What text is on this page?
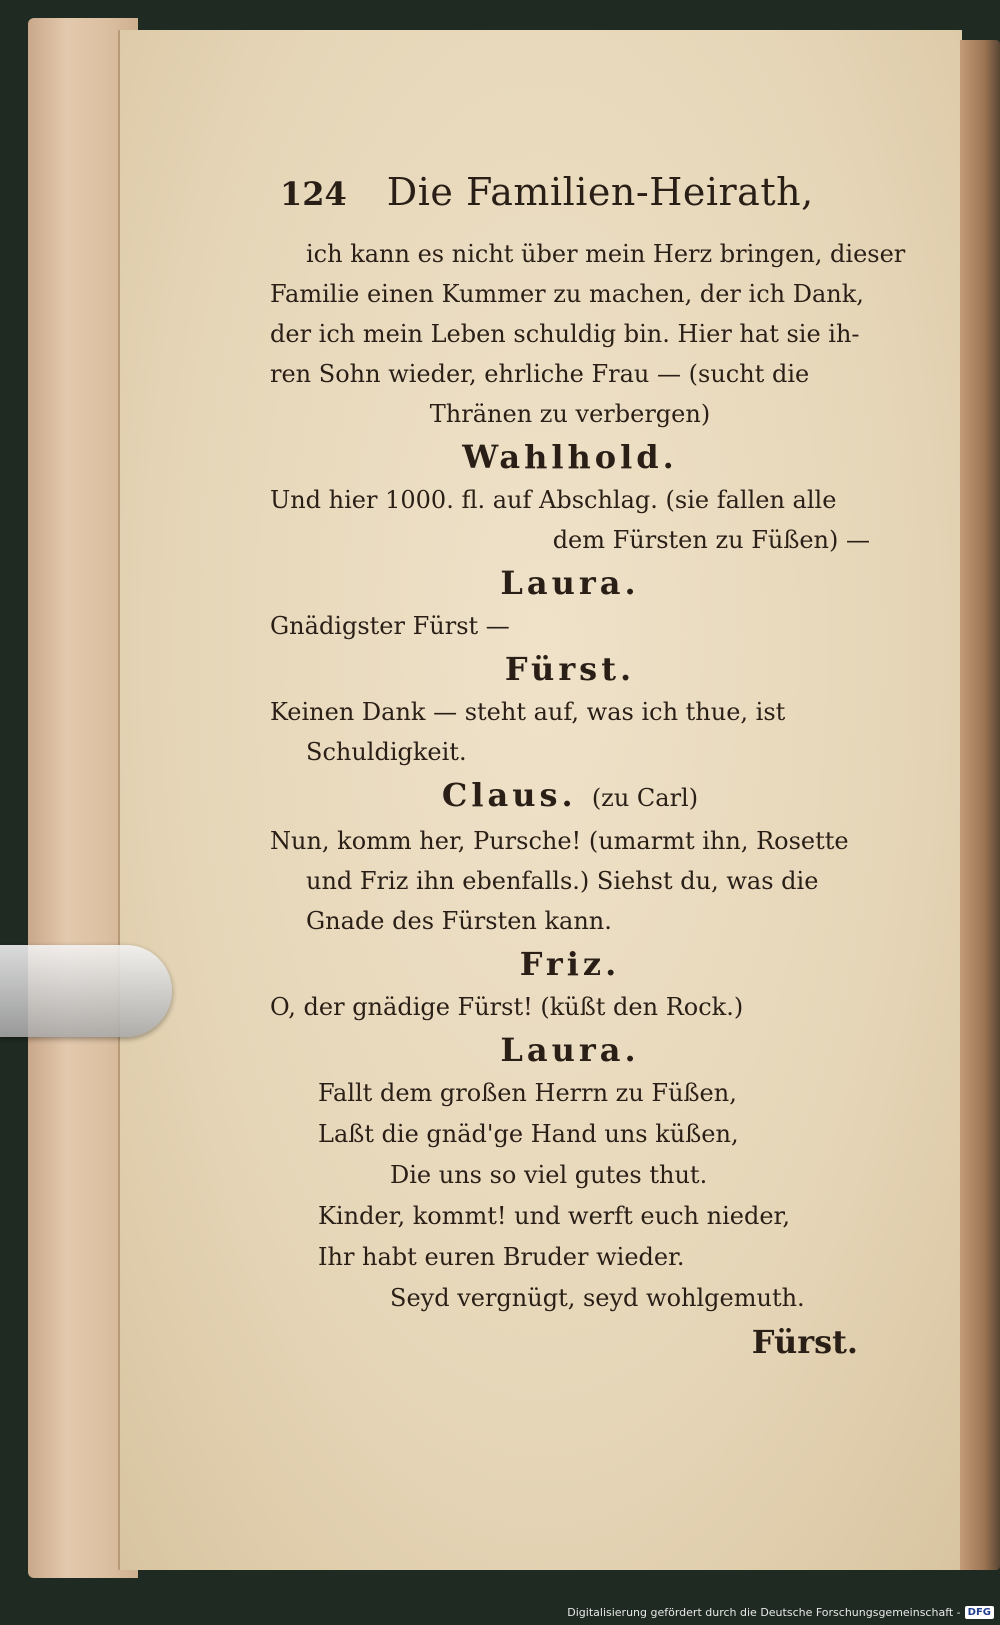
124 Die Familien-Heirath,
ich kann es nicht über mein Herz bringen, dieser
Familie einen Kummer zu machen, der ich Dank,
der ich mein Leben schuldig bin. Hier hat sie ih-
ren Sohn wieder, ehrliche Frau — (sucht die
Thränen zu verbergen)
Wahlhold.
Und hier 1000. fl. auf Abschlag. (sie fallen alle
dem Fürsten zu Füßen) —
Laura.
Gnädigster Fürst —
Fürst.
Keinen Dank — steht auf, was ich thue, ist
Schuldigkeit.
Claus. (zu Carl)
Nun, komm her, Pursche! (umarmt ihn, Rosette
und Friz ihn ebenfalls.) Siehst du, was die
Gnade des Fürsten kann.
Friz.
O, der gnädige Fürst! (küßt den Rock.)
Laura.
Fallt dem großen Herrn zu Füßen,
Laßt die gnäd'ge Hand uns küßen,
Die uns so viel gutes thut.
Kinder, kommt! und werft euch nieder,
Ihr habt euren Bruder wieder.
Seyd vergnügt, seyd wohlgemuth.
Fürst.
Digitalisierung gefördert durch die Deutsche Forschungsgemeinschaft - DFG
